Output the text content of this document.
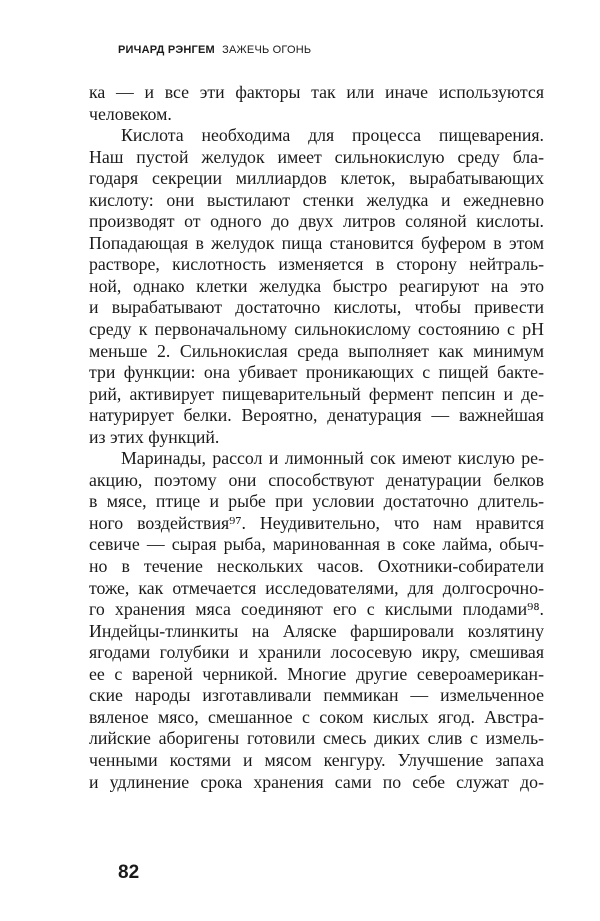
РИЧАРД РЭНГЕМ ЗАЖЕЧЬ ОГОНЬ
ка — и все эти факторы так или иначе используются
человеком.
Кислота необходима для процесса пищеварения.
Наш пустой желудок имеет сильнокислую среду бла-
годаря секреции миллиардов клеток, вырабатывающих
кислоту: они выстилают стенки желудка и ежедневно
производят от одного до двух литров соляной кислоты.
Попадающая в желудок пища становится буфером в этом
растворе, кислотность изменяется в сторону нейтраль-
ной, однако клетки желудка быстро реагируют на это
и вырабатывают достаточно кислоты, чтобы привести
среду к первоначальному сильнокислому состоянию с pH
меньше 2. Сильнокислая среда выполняет как минимум
три функции: она убивает проникающих с пищей бакте-
рий, активирует пищеварительный фермент пепсин и де-
натурирует белки. Вероятно, денатурация — важнейшая
из этих функций.
Маринады, рассол и лимонный сок имеют кислую ре-
акцию, поэтому они способствуют денатурации белков
в мясе, птице и рыбе при условии достаточно длитель-
ного воздействия⁹⁷. Неудивительно, что нам нравится
севиче — сырая рыба, маринованная в соке лайма, обыч-
но в течение нескольких часов. Охотники-собиратели
тоже, как отмечается исследователями, для долгосрочно-
го хранения мяса соединяют его с кислыми плодами⁹⁸.
Индейцы-тлинкиты на Аляске фаршировали козлятину
ягодами голубики и хранили лососевую икру, смешивая
ее с вареной черникой. Многие другие североамерикан-
ские народы изготавливали пеммикан — измельченное
вяленое мясо, смешанное с соком кислых ягод. Австра-
лийские аборигены готовили смесь диких слив с измель-
ченными костями и мясом кенгуру. Улучшение запаха
и удлинение срока хранения сами по себе служат до-
82
